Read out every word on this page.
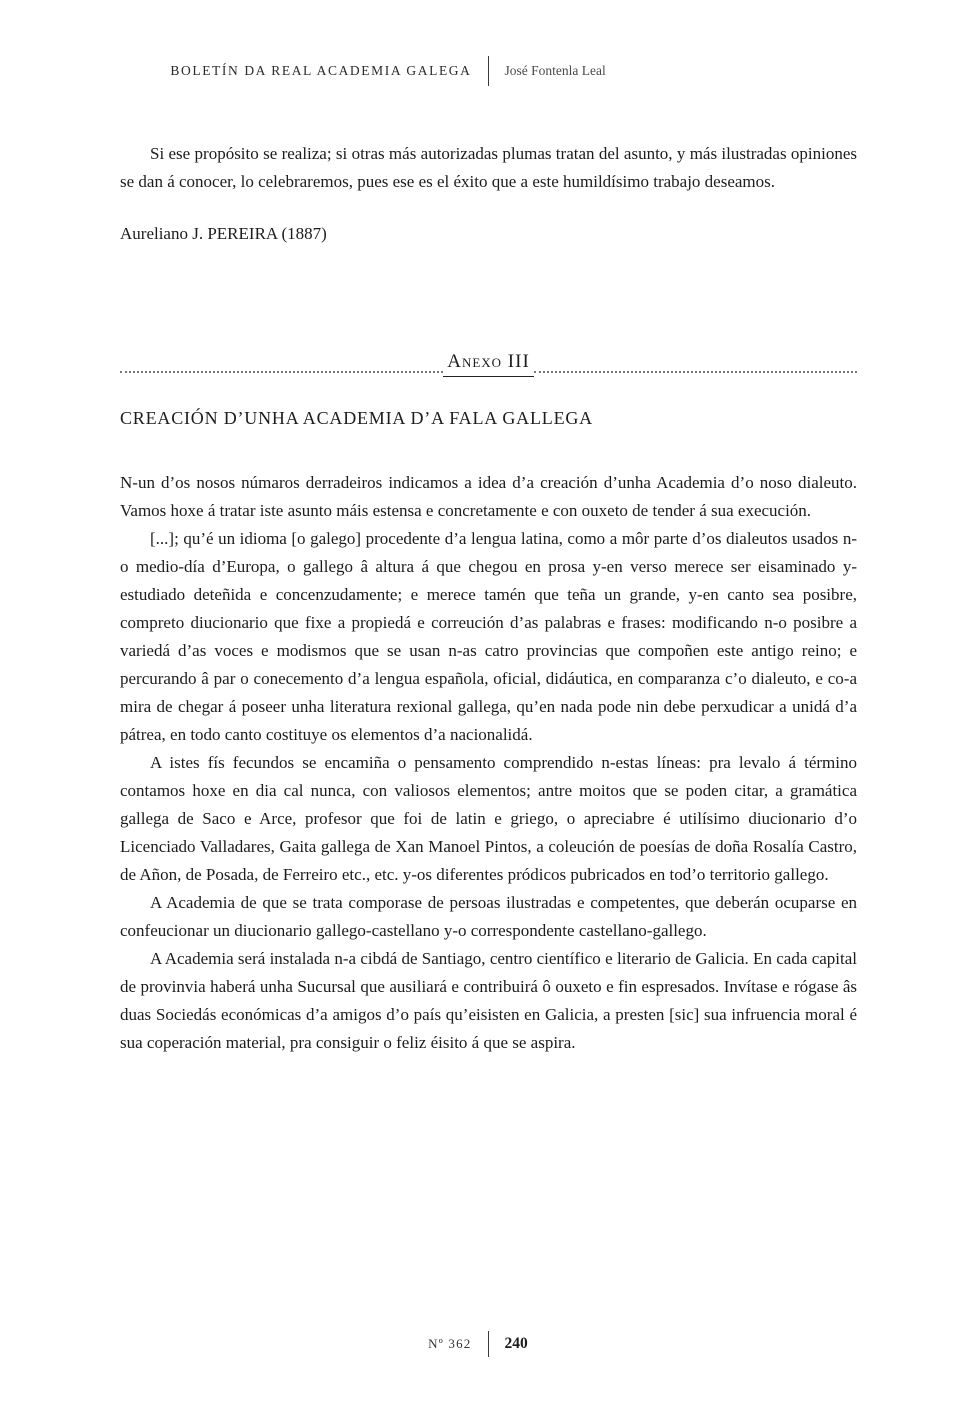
BOLETÍN DA REAL ACADEMIA GALEGA	José Fontenla Leal

Si ese propósito se realiza; si otras más autorizadas plumas tratan del asunto, y más ilustradas opiniones se dan á conocer, lo celebraremos, pues ese es el éxito que a este humildísimo trabajo deseamos.

Aureliano J. PEREIRA (1887)

Anexo III
CREACIÓN D’UNHA ACADEMIA D’A FALA GALLEGA

N-un d’os nosos númaros derradeiros indicamos a idea d’a creación d’unha Academia d’o noso dialeuto. Vamos hoxe á tratar iste asunto máis estensa e concretamente e con ouxeto de tender á sua execución.

[...]; qu’é un idioma [o galego] procedente d’a lengua latina, como a môr parte d’os dialeutos usados n-o medio-día d’Europa, o gallego â altura á que chegou en prosa y-en verso merece ser eisaminado y-estudiado deteñida e concenzudamente; e merece tamén que teña un grande, y-en canto sea posibre, compreto diucionario que fixe a propiedá e correución d’as palabras e frases: modificando n-o posibre a variedá d’as voces e modismos que se usan n-as catro provincias que compoñen este antigo reino; e percurando â par o conecemento d’a lengua española, oficial, didáutica, en comparanza c’o dialeuto, e co-a mira de chegar á poseer unha literatura rexional gallega, qu’en nada pode nin debe perxudicar a unidá d’a pátrea, en todo canto costituye os elementos d’a nacionalidá.

A istes fís fecundos se encamiña o pensamento comprendido n-estas líneas: pra levalo á término contamos hoxe en dia cal nunca, con valiosos elementos; antre moitos que se poden citar, a gramática gallega de Saco e Arce, profesor que foi de latin e griego, o apreciabre é utilísimo diucionario d’o Licenciado Valladares, Gaita gallega de Xan Manoel Pintos, a coleución de poesías de doña Rosalía Castro, de Añon, de Posada, de Ferreiro etc., etc. y-os diferentes pródicos pubricados en tod’o territorio gallego.

A Academia de que se trata comporase de persoas ilustradas e competentes, que deberán ocuparse en confeucionar un diucionario gallego-castellano y-o correspondente castellano-gallego.

A Academia será instalada n-a cibdá de Santiago, centro científico e literario de Galicia. En cada capital de provinvia haberá unha Sucursal que ausiliará e contribuirá ô ouxeto e fin espresados. Invítase e rógase âs duas Sociedás económicas d’a amigos d’o país qu’eisisten en Galicia, a presten [sic] sua infruencia moral é sua coperación material, pra consiguir o feliz éisito á que se aspira.

Nº 362	240
